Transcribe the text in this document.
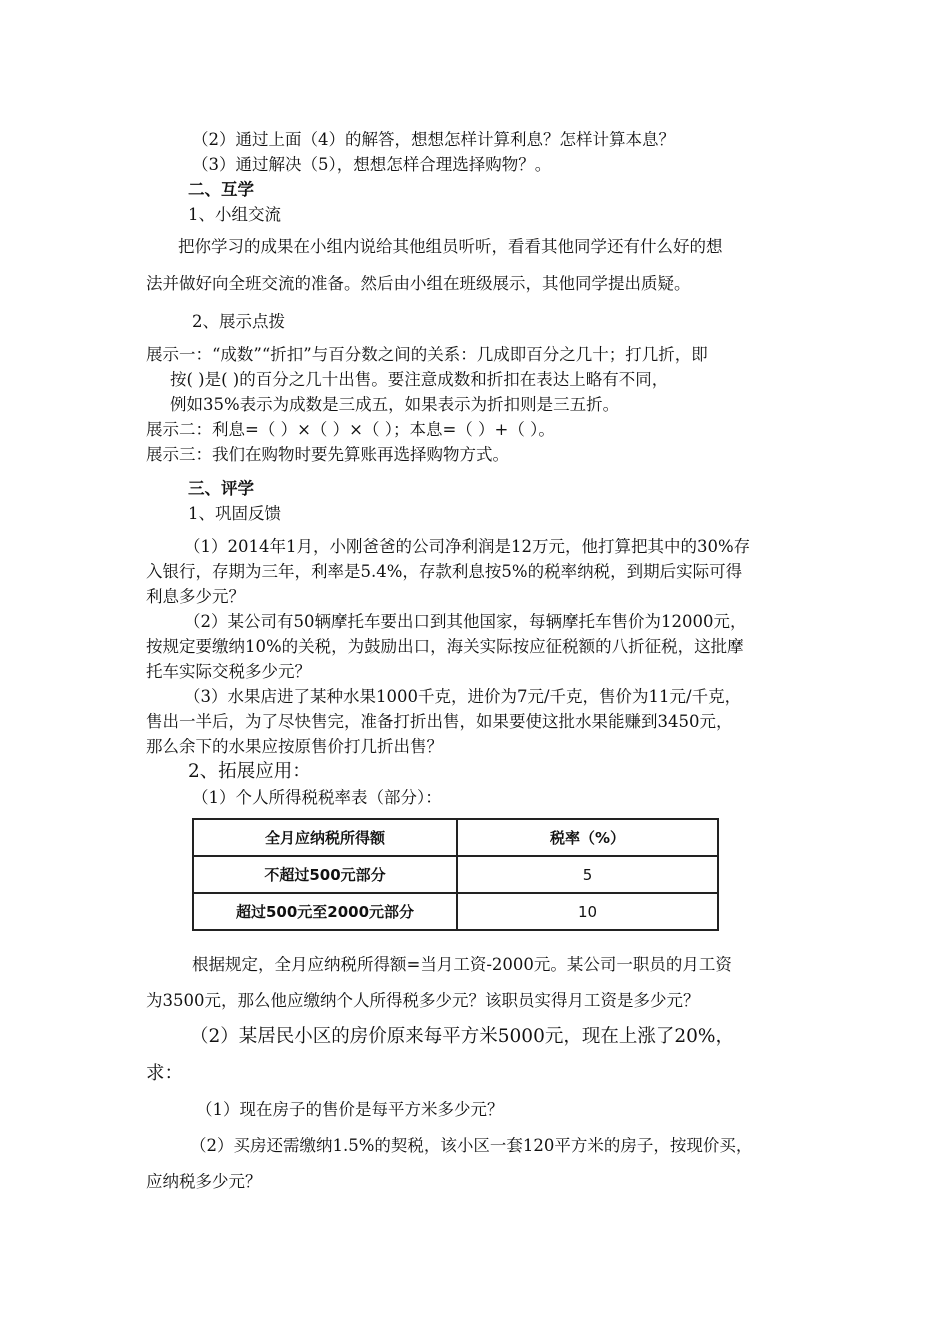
（2）通过上面（4）的解答，想想怎样计算利息？怎样计算本息？
（3）通过解决（5），想想怎样合理选择购物？。
二、互学
1、小组交流
把你学习的成果在小组内说给其他组员听听，看看其他同学还有什么好的想
法并做好向全班交流的准备。然后由小组在班级展示，其他同学提出质疑。
2、展示点拨
展示一：“成数”“折扣”与百分数之间的关系：几成即百分之几十；打几折，即
按( )是( )的百分之几十出售。要注意成数和折扣在表达上略有不同，
例如35%表示为成数是三成五，如果表示为折扣则是三五折。
展示二：利息=（ ）×（ ）×（ ）；本息=（ ）+（ ）。
展示三：我们在购物时要先算账再选择购物方式。
三、评学
1、巩固反馈
（1）2014年1月，小刚爸爸的公司净利润是12万元，他打算把其中的30%存
入银行，存期为三年，利率是5.4%，存款利息按5%的税率纳税，到期后实际可得
利息多少元？
（2）某公司有50辆摩托车要出口到其他国家，每辆摩托车售价为12000元，
按规定要缴纳10%的关税，为鼓励出口，海关实际按应征税额的八折征税，这批摩
托车实际交税多少元？
（3）水果店进了某种水果1000千克，进价为7元/千克，售价为11元/千克，
售出一半后，为了尽快售完，准备打折出售，如果要使这批水果能赚到3450元，
那么余下的水果应按原售价打几折出售？
2、拓展应用：
（1）个人所得税税率表（部分）：
全月应纳税所得额	税率（%）
不超过500元部分	5
超过500元至2000元部分	10
根据规定，全月应纳税所得额=当月工资-2000元。某公司一职员的月工资
为3500元，那么他应缴纳个人所得税多少元？该职员实得月工资是多少元？
（2）某居民小区的房价原来每平方米5000元，现在上涨了20%，
求：
（1）现在房子的售价是每平方米多少元？
（2）买房还需缴纳1.5%的契税，该小区一套120平方米的房子，按现价买，
应纳税多少元？
